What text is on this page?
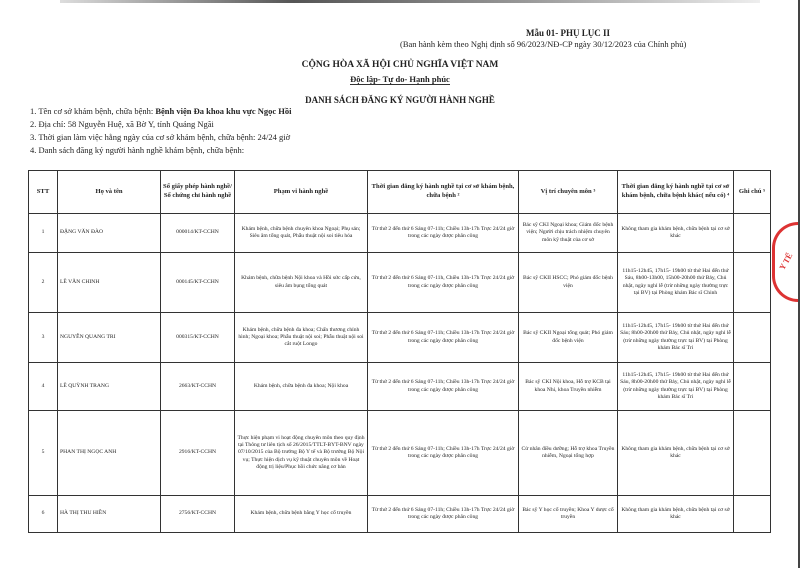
Mẫu 01- PHỤ LỤC II
(Ban hành kèm theo Nghị định số 96/2023/NĐ-CP ngày 30/12/2023 của Chính phủ)
CỘNG HÒA XÃ HỘI CHỦ NGHĨA VIỆT NAM
Độc lập- Tự do- Hạnh phúc
DANH SÁCH ĐĂNG KÝ NGƯỜI HÀNH NGHỀ
1. Tên cơ sở khám bệnh, chữa bệnh: Bệnh viện Đa khoa khu vực Ngọc Hồi
2. Địa chỉ: 58 Nguyễn Huệ, xã Bờ Y, tỉnh Quảng Ngãi
3. Thời gian làm việc hằng ngày của cơ sở khám bệnh, chữa bệnh: 24/24 giờ
4. Danh sách đăng ký người hành nghề khám bệnh, chữa bệnh:
STT	Họ và tên	Số giấy phép hành nghề/ Số chứng chỉ hành nghề	Phạm vi hành nghề	Thời gian đăng ký hành nghề tại cơ sở khám bệnh, chữa bệnh ²	Vị trí chuyên môn ³	Thời gian đăng ký hành nghề tại cơ sở khám bệnh, chữa bệnh khác( nếu có) ⁴	Ghi chú ⁵
1	ĐẶNG VĂN ĐÀO	000014/KT-CCHN	Khám bệnh, chữa bệnh chuyên khoa Ngoại; Phụ sản; Siêu âm tổng quát, Phẫu thuật nội soi tiêu hóa	Từ thứ 2 đến thứ 6 Sáng 07-11h; Chiều 13h-17h Trực 24/24 giờ trong các ngày được phân công	Bác sỹ CKI Ngoại khoa; Giám đốc bệnh viện; Người chịu trách nhiệm chuyên môn kỹ thuật của cơ sở	Không tham gia khám bệnh, chữa bệnh tại cơ sở khác	
2	LÊ VĂN CHINH	000145/KT-CCHN	Khám bệnh, chữa bệnh Nội khoa và Hồi sức cấp cứu, siêu âm bụng tổng quát	Từ thứ 2 đến thứ 6 Sáng 07-11h, Chiều 13h-17h Trực 24/24 giờ trong các ngày được phân công	Bác sỹ CKII HSCC; Phó giám đốc bệnh viện	11h15-12h45, 17h15- 19h00 từ thứ Hai đến thứ Sáu, 8h00-13h00, 15h00-20h00 thứ Bảy, Chủ nhật, ngày nghỉ lễ (trừ những ngày thường trực tại BV) tại Phòng khám Bác sĩ Chinh	
3	NGUYỄN QUANG TRI	000315/KT-CCHN	Khám bệnh, chữa bệnh đa khoa; Chấn thương chỉnh hình; Ngoại khoa; Phẫu thuật nội soi; Phẫu thuật nội soi cắt ruột Longo	Từ thứ 2 đến thứ 6 Sáng 07-11h; Chiều 13h-17h Trực 24/24 giờ trong các ngày được phân công	Bác sỹ CKII Ngoại tổng quát; Phó giám đốc bệnh viện	11h15-12h45, 17h15- 19h00 từ thứ Hai đến thứ Sáu; 8h00-20h00 thứ Bảy, Chủ nhật, ngày nghỉ lễ (trừ những ngày thường trực tại BV) tại Phòng khám Bác sĩ Tri	
4	LÊ QUỲNH TRANG	2663/KT-CCHN	Khám bệnh, chữa bệnh đa khoa; Nội khoa	Từ thứ 2 đến thứ 6 Sáng 07-11h; Chiều 13h-17h Trực 24/24 giờ trong các ngày được phân công	Bác sỹ CKI Nội khoa, Hỗ trợ KCB tại khoa Nhi, khoa Truyền nhiễm	11h15-12h45, 17h15- 19h00 từ thứ Hai đến thứ Sáu, 8h00-20h00 thứ Bảy, Chủ nhật, ngày nghỉ lễ (trừ những ngày thường trực tại BV) tại Phòng khám Bác sĩ Tri	
5	PHAN THỊ NGỌC ANH	2916/KT-CCHN	Thực hiện phạm vi hoạt động chuyên môn theo quy định tại Thông tư liên tịch số 26/2015/TTLT-BYT-BNV ngày 07/10/2015 của Bộ trưởng Bộ Y tế và Bộ trưởng Bộ Nội vụ; Thực hiện dịch vụ kỹ thuật chuyên môn về Hoạt động trị liệu/Phục hồi chức năng cơ bản	Từ thứ 2 đến thứ 6 Sáng 07-11h; Chiều 13h-17h Trực 24/24 giờ trong các ngày được phân công	Cử nhân điều dưỡng; Hỗ trợ khoa Truyền nhiễm, Ngoại tổng hợp	Không tham gia khám bệnh, chữa bệnh tại cơ sở khác	
6	HÀ THỊ THU HIỀN	2756/KT-CCHN	Khám bệnh, chữa bệnh bằng Y học cổ truyền	Từ thứ 2 đến thứ 6 Sáng 07-11h; Chiều 13h-17h Trực 24/24 giờ trong các ngày được phân công	Bác sỹ Y học cổ truyền; Khoa Y dược cổ truyền	Không tham gia khám bệnh, chữa bệnh tại cơ sở khác	
Y TẾ
